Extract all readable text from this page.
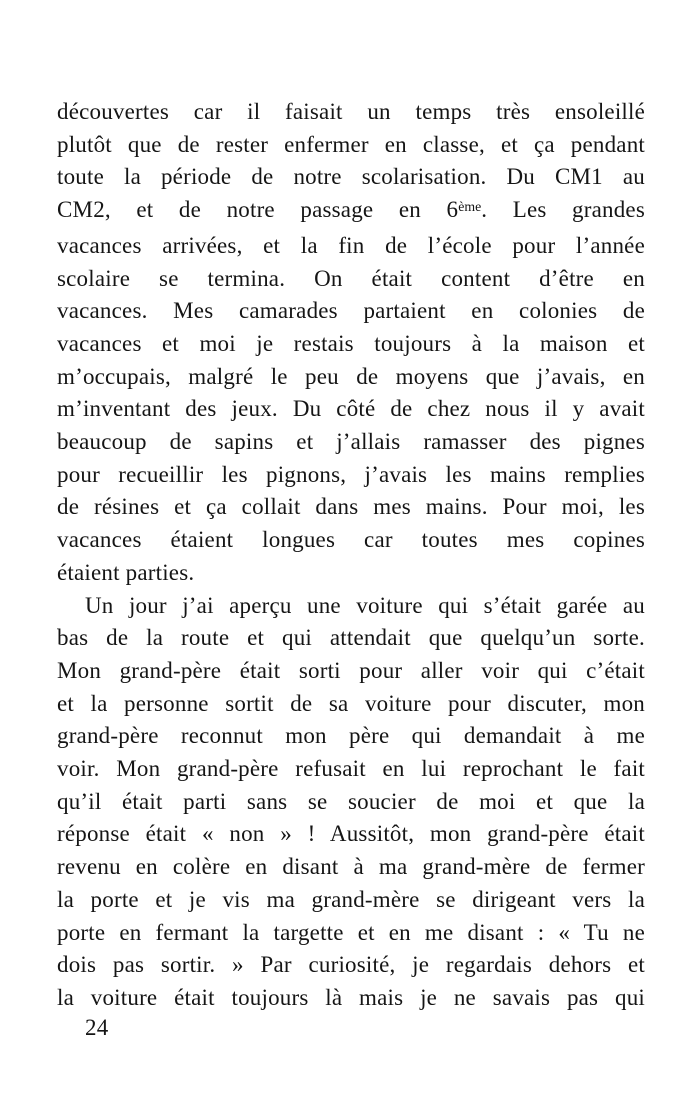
découvertes car il faisait un temps très ensoleillé
plutôt que de rester enfermer en classe, et ça pendant
toute la période de notre scolarisation. Du CM1 au
CM2, et de notre passage en 6ème. Les grandes
vacances arrivées, et la fin de l’école pour l’année
scolaire se termina. On était content d’être en
vacances. Mes camarades partaient en colonies de
vacances et moi je restais toujours à la maison et
m’occupais, malgré le peu de moyens que j’avais, en
m’inventant des jeux. Du côté de chez nous il y avait
beaucoup de sapins et j’allais ramasser des pignes
pour recueillir les pignons, j’avais les mains remplies
de résines et ça collait dans mes mains. Pour moi, les
vacances étaient longues car toutes mes copines
étaient parties.
Un jour j’ai aperçu une voiture qui s’était garée au
bas de la route et qui attendait que quelqu’un sorte.
Mon grand-père était sorti pour aller voir qui c’était
et la personne sortit de sa voiture pour discuter, mon
grand-père reconnut mon père qui demandait à me
voir. Mon grand-père refusait en lui reprochant le fait
qu’il était parti sans se soucier de moi et que la
réponse était « non » ! Aussitôt, mon grand-père était
revenu en colère en disant à ma grand-mère de fermer
la porte et je vis ma grand-mère se dirigeant vers la
porte en fermant la targette et en me disant : « Tu ne
dois pas sortir. » Par curiosité, je regardais dehors et
la voiture était toujours là mais je ne savais pas qui
24
